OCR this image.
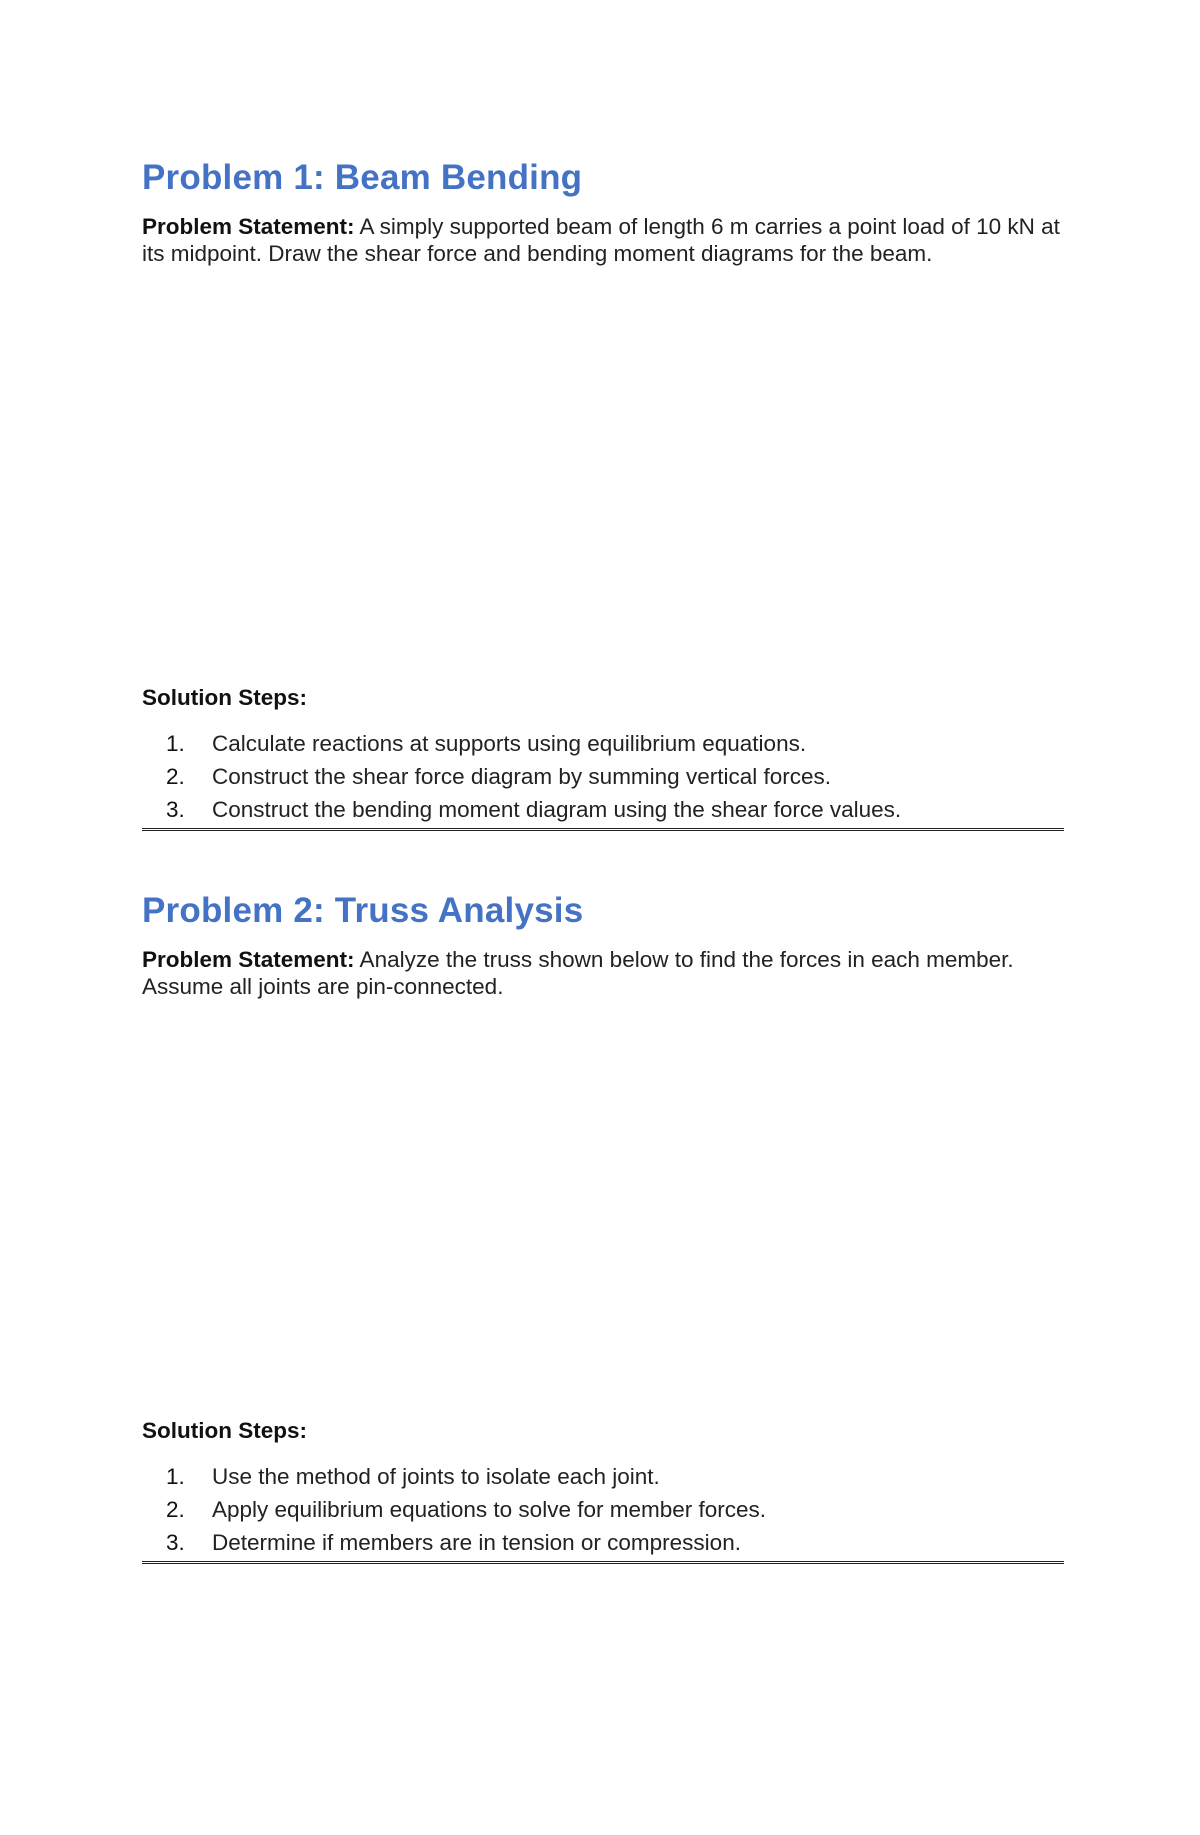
Problem 1: Beam Bending

Problem Statement: A simply supported beam of length 6 m carries a point load of 10 kN at its midpoint. Draw the shear force and bending moment diagrams for the beam.

Solution Steps:
1.	Calculate reactions at supports using equilibrium equations.
2.	Construct the shear force diagram by summing vertical forces.
3.	Construct the bending moment diagram using the shear force values.
Problem 2: Truss Analysis

Problem Statement: Analyze the truss shown below to find the forces in each member. Assume all joints are pin-connected.

Solution Steps:
1.	Use the method of joints to isolate each joint.
2.	Apply equilibrium equations to solve for member forces.
3.	Determine if members are in tension or compression.
